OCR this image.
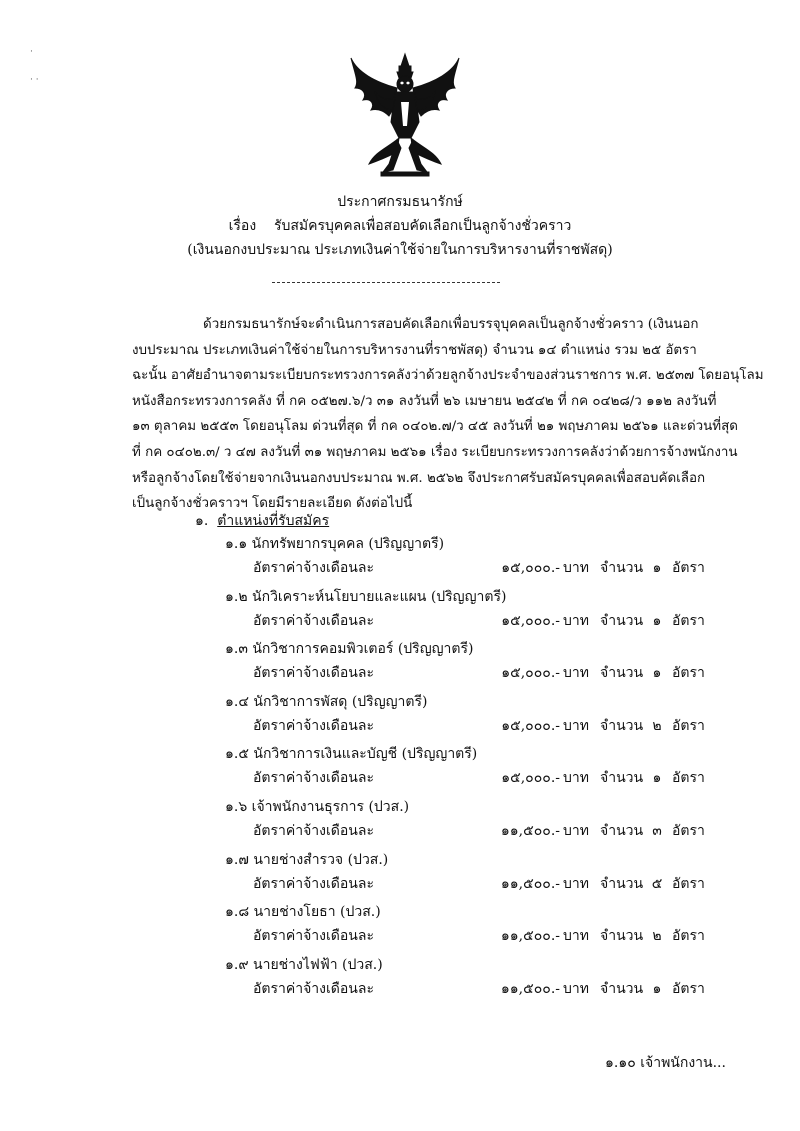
·
· ·
ประกาศกรมธนารักษ์
เรื่อง รับสมัครบุคคลเพื่อสอบคัดเลือกเป็นลูกจ้างชั่วคราว
(เงินนอกงบประมาณ ประเภทเงินค่าใช้จ่ายในการบริหารงานที่ราชพัสดุ)
ด้วยกรมธนารักษ์จะดำเนินการสอบคัดเลือกเพื่อบรรจุบุคคลเป็นลูกจ้างชั่วคราว (เงินนอก
งบประมาณ ประเภทเงินค่าใช้จ่ายในการบริหารงานที่ราชพัสดุ) จำนวน ๑๔ ตำแหน่ง รวม ๒๕ อัตรา
ฉะนั้น อาศัยอำนาจตามระเบียบกระทรวงการคลังว่าด้วยลูกจ้างประจำของส่วนราชการ พ.ศ. ๒๕๓๗ โดยอนุโลม
หนังสือกระทรวงการคลัง ที่ กค ๐๕๒๗.๖/ว ๓๑ ลงวันที่ ๒๖ เมษายน ๒๕๔๒ ที่ กค ๐๔๒๘/ว ๑๑๒ ลงวันที่
๑๓ ตุลาคม ๒๕๕๓ โดยอนุโลม ด่วนที่สุด ที่ กค ๐๔๐๒.๗/ว ๔๕ ลงวันที่ ๒๑ พฤษภาคม ๒๕๖๑ และด่วนที่สุด
ที่ กค ๐๔๐๒.๓/ ว ๔๗ ลงวันที่ ๓๑ พฤษภาคม ๒๕๖๑ เรื่อง ระเบียบกระทรวงการคลังว่าด้วยการจ้างพนักงาน
หรือลูกจ้างโดยใช้จ่ายจากเงินนอกงบประมาณ พ.ศ. ๒๕๖๒ จึงประกาศรับสมัครบุคคลเพื่อสอบคัดเลือก
เป็นลูกจ้างชั่วคราวฯ โดยมีรายละเอียด ดังต่อไปนี้
๑. ตำแหน่งที่รับสมัคร
๑.๑ นักทรัพยากรบุคคล (ปริญญาตรี)
อัตราค่าจ้างเดือนละ	๑๕,๐๐๐.- บาท จำนวน ๑ อัตรา
๑.๒ นักวิเคราะห์นโยบายและแผน (ปริญญาตรี)
อัตราค่าจ้างเดือนละ	๑๕,๐๐๐.- บาท จำนวน ๑ อัตรา
๑.๓ นักวิชาการคอมพิวเตอร์ (ปริญญาตรี)
อัตราค่าจ้างเดือนละ	๑๕,๐๐๐.- บาท จำนวน ๑ อัตรา
๑.๔ นักวิชาการพัสดุ (ปริญญาตรี)
อัตราค่าจ้างเดือนละ	๑๕,๐๐๐.- บาท จำนวน ๒ อัตรา
๑.๕ นักวิชาการเงินและบัญชี (ปริญญาตรี)
อัตราค่าจ้างเดือนละ	๑๕,๐๐๐.- บาท จำนวน ๑ อัตรา
๑.๖ เจ้าพนักงานธุรการ (ปวส.)
อัตราค่าจ้างเดือนละ	๑๑,๕๐๐.- บาท จำนวน ๓ อัตรา
๑.๗ นายช่างสำรวจ (ปวส.)
อัตราค่าจ้างเดือนละ	๑๑,๕๐๐.- บาท จำนวน ๕ อัตรา
๑.๘ นายช่างโยธา (ปวส.)
อัตราค่าจ้างเดือนละ	๑๑,๕๐๐.- บาท จำนวน ๒ อัตรา
๑.๙ นายช่างไฟฟ้า (ปวส.)
อัตราค่าจ้างเดือนละ	๑๑,๕๐๐.- บาท จำนวน ๑ อัตรา
๑.๑๐ เจ้าพนักงาน...
